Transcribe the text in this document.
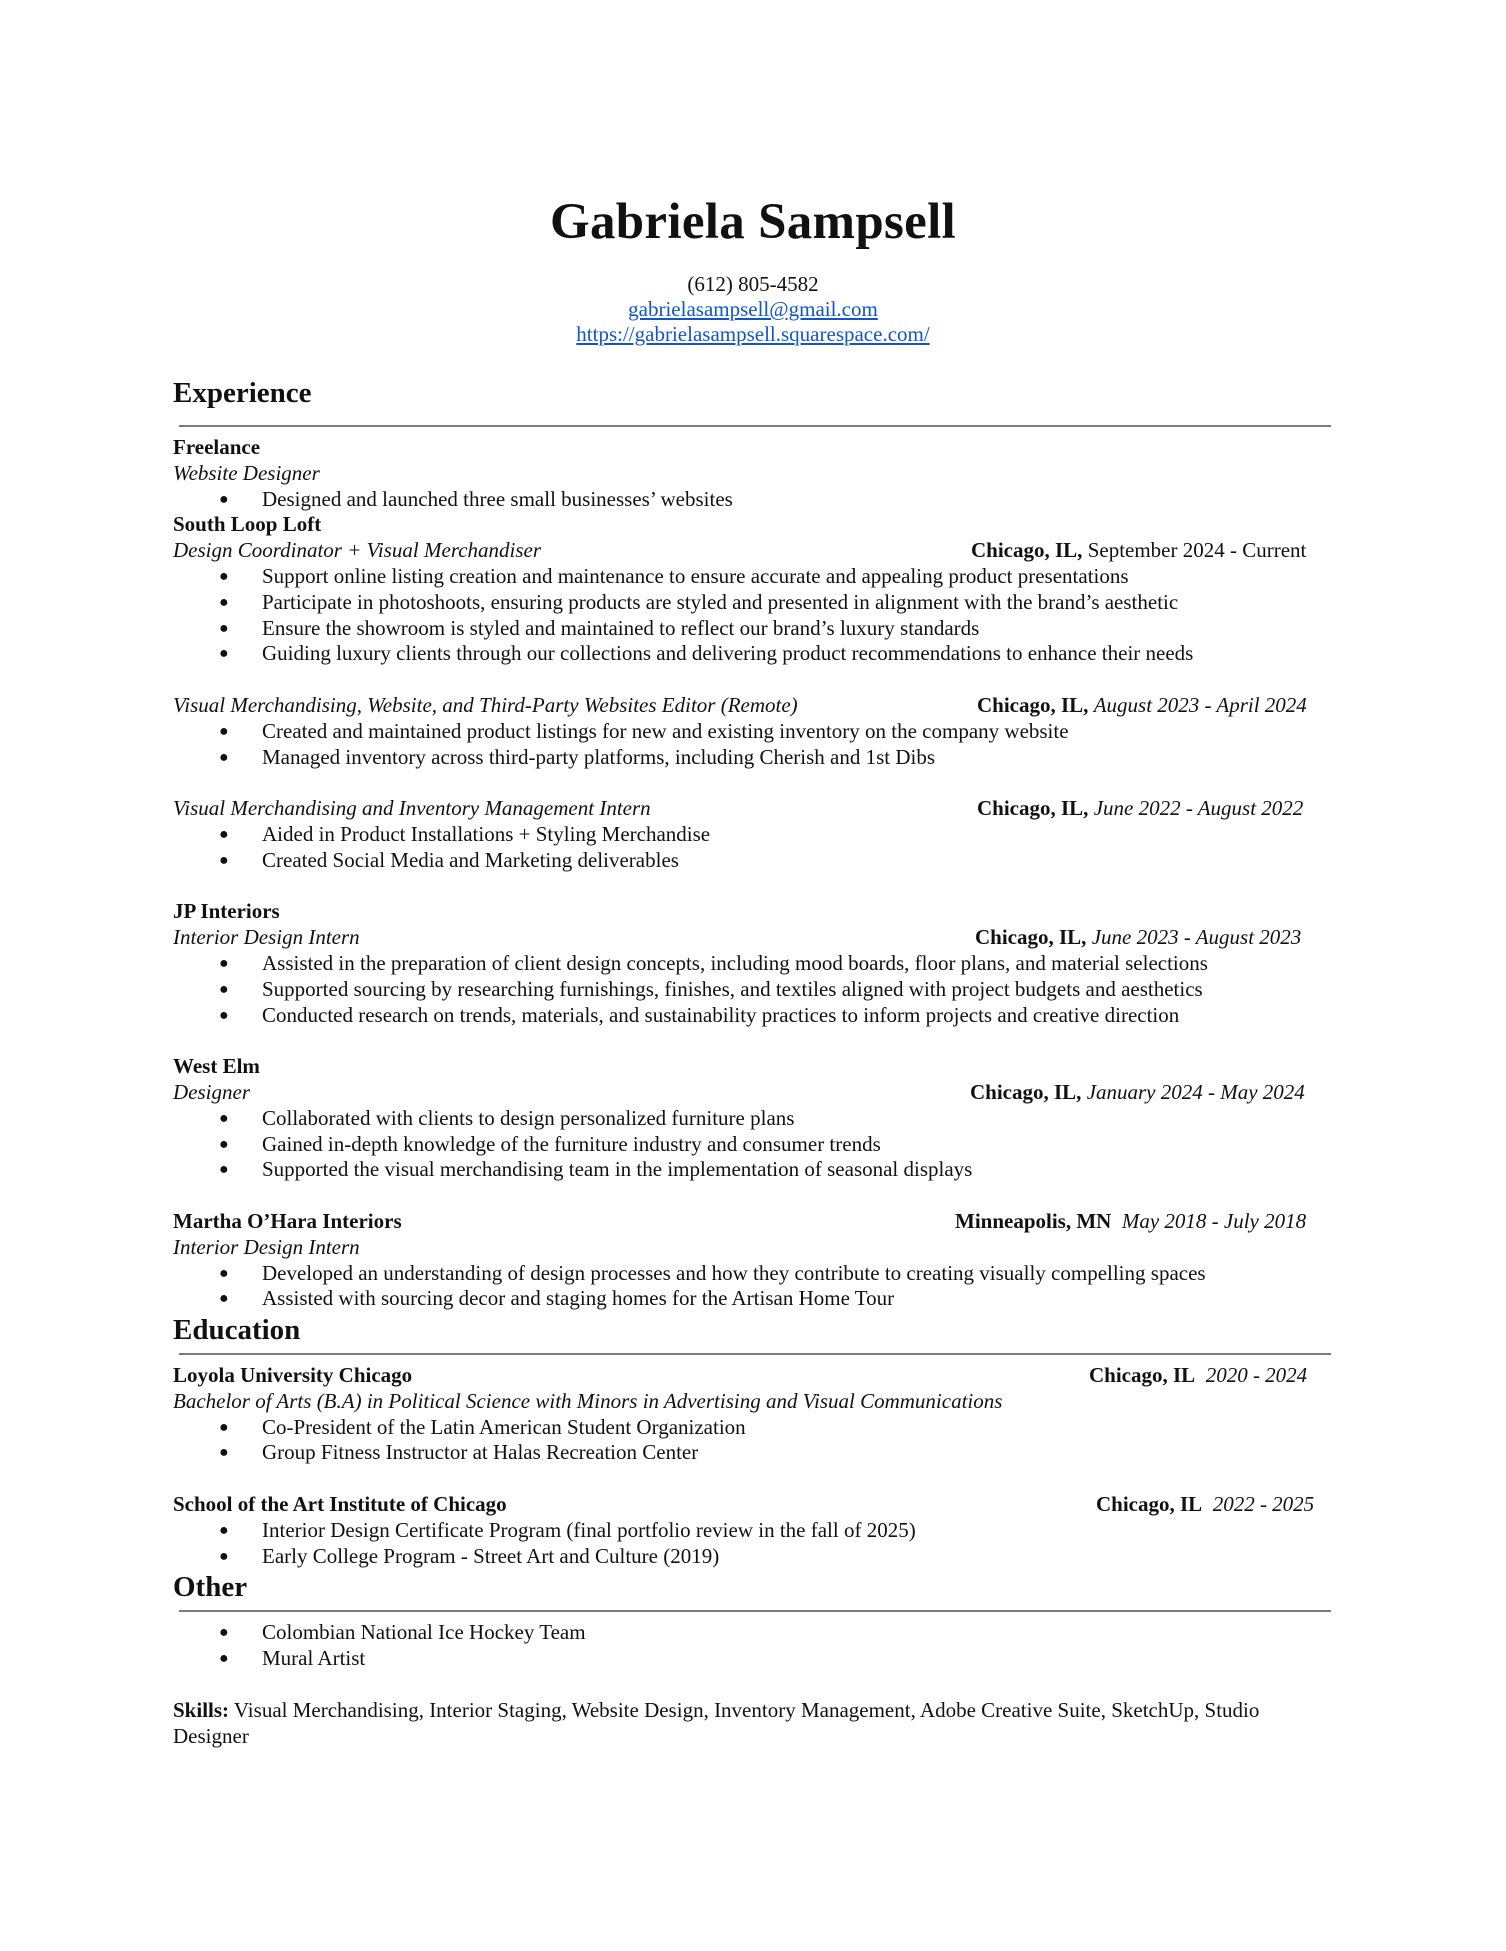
Gabriela Sampsell
(612) 805-4582
gabrielasampsell@gmail.com
https://gabrielasampsell.squarespace.com/
Experience
Freelance
Website Designer
● Designed and launched three small businesses’ websites
South Loop Loft
Design Coordinator + Visual Merchandiser	Chicago, IL, September 2024 - Current
● Support online listing creation and maintenance to ensure accurate and appealing product presentations
● Participate in photoshoots, ensuring products are styled and presented in alignment with the brand’s aesthetic
● Ensure the showroom is styled and maintained to reflect our brand’s luxury standards
● Guiding luxury clients through our collections and delivering product recommendations to enhance their needs
Visual Merchandising, Website, and Third-Party Websites Editor (Remote)	Chicago, IL, August 2023 - April 2024
● Created and maintained product listings for new and existing inventory on the company website
● Managed inventory across third-party platforms, including Cherish and 1st Dibs
Visual Merchandising and Inventory Management Intern	Chicago, IL, June 2022 - August 2022
● Aided in Product Installations + Styling Merchandise
● Created Social Media and Marketing deliverables
JP Interiors
Interior Design Intern	Chicago, IL, June 2023 - August 2023
● Assisted in the preparation of client design concepts, including mood boards, floor plans, and material selections
● Supported sourcing by researching furnishings, finishes, and textiles aligned with project budgets and aesthetics
● Conducted research on trends, materials, and sustainability practices to inform projects and creative direction
West Elm
Designer	Chicago, IL, January 2024 - May 2024
● Collaborated with clients to design personalized furniture plans
● Gained in-depth knowledge of the furniture industry and consumer trends
● Supported the visual merchandising team in the implementation of seasonal displays
Martha O’Hara Interiors	Minneapolis, MN May 2018 - July 2018
Interior Design Intern
● Developed an understanding of design processes and how they contribute to creating visually compelling spaces
● Assisted with sourcing decor and staging homes for the Artisan Home Tour
Education
Loyola University Chicago	Chicago, IL 2020 - 2024
Bachelor of Arts (B.A) in Political Science with Minors in Advertising and Visual Communications
● Co-President of the Latin American Student Organization
● Group Fitness Instructor at Halas Recreation Center
School of the Art Institute of Chicago	Chicago, IL 2022 - 2025
● Interior Design Certificate Program (final portfolio review in the fall of 2025)
● Early College Program - Street Art and Culture (2019)
Other
● Colombian National Ice Hockey Team
● Mural Artist
Skills: Visual Merchandising, Interior Staging, Website Design, Inventory Management, Adobe Creative Suite, SketchUp, Studio Designer
